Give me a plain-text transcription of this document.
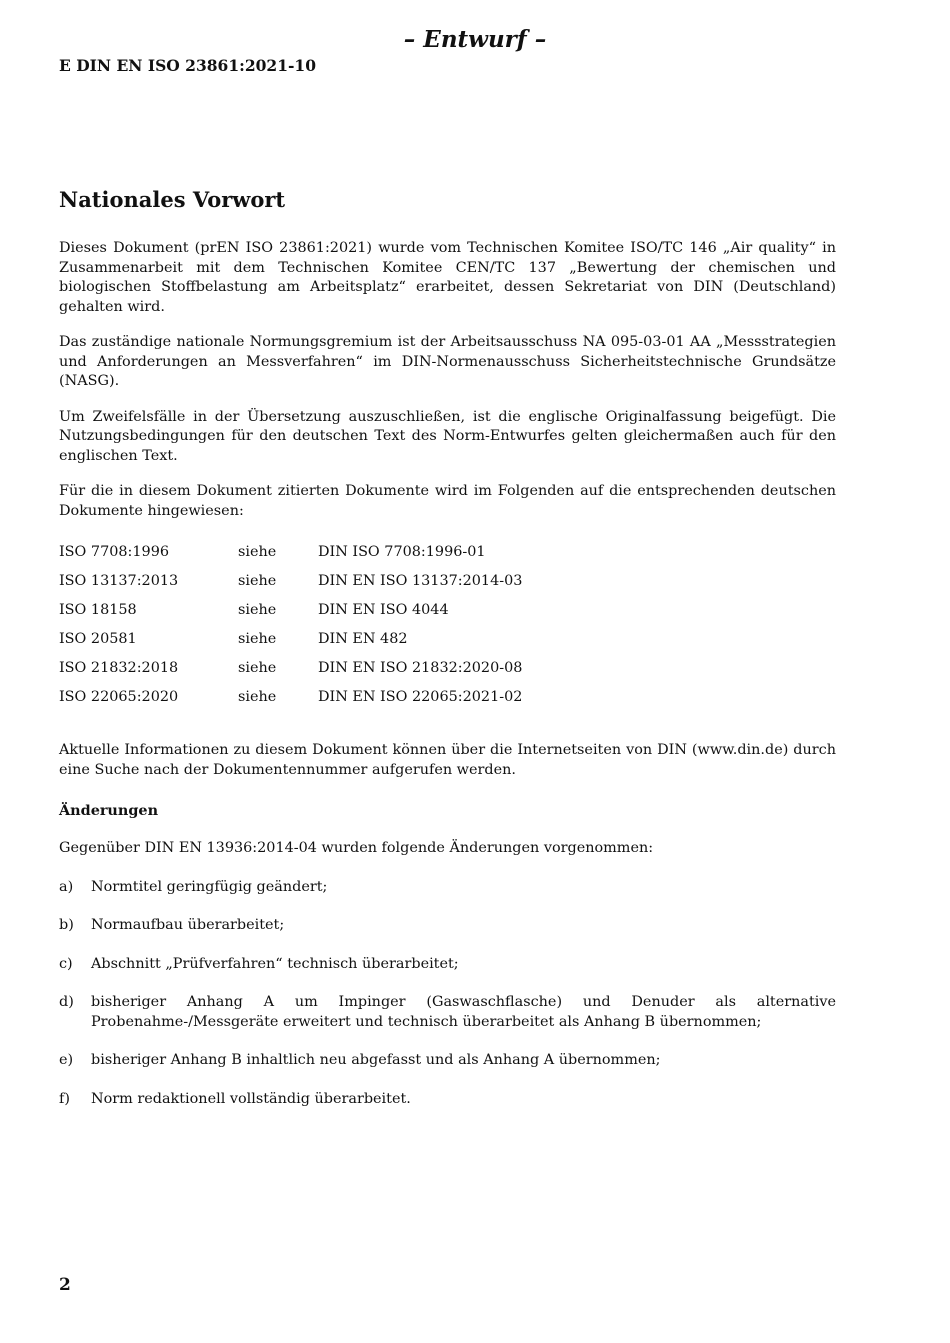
– Entwurf –

E DIN EN ISO 23861:2021-10

Nationales Vorwort

Dieses Dokument (prEN ISO 23861:2021) wurde vom Technischen Komitee ISO/TC 146 „Air quality“ in Zusammenarbeit mit dem Technischen Komitee CEN/TC 137 „Bewertung der chemischen und biologischen Stoffbelastung am Arbeitsplatz“ erarbeitet, dessen Sekretariat von DIN (Deutschland) gehalten wird.

Das zuständige nationale Normungsgremium ist der Arbeitsausschuss NA 095-03-01 AA „Messstrategien und Anforderungen an Messverfahren“ im DIN-Normenausschuss Sicherheitstechnische Grundsätze (NASG).

Um Zweifelsfälle in der Übersetzung auszuschließen, ist die englische Originalfassung beigefügt. Die Nutzungsbedingungen für den deutschen Text des Norm-Entwurfes gelten gleichermaßen auch für den englischen Text.

Für die in diesem Dokument zitierten Dokumente wird im Folgenden auf die entsprechenden deutschen Dokumente hingewiesen:

ISO 7708:1996	siehe	DIN ISO 7708:1996-01
ISO 13137:2013	siehe	DIN EN ISO 13137:2014-03
ISO 18158	siehe	DIN EN ISO 4044
ISO 20581	siehe	DIN EN 482
ISO 21832:2018	siehe	DIN EN ISO 21832:2020-08
ISO 22065:2020	siehe	DIN EN ISO 22065:2021-02

Aktuelle Informationen zu diesem Dokument können über die Internetseiten von DIN (www.din.de) durch eine Suche nach der Dokumentennummer aufgerufen werden.

Änderungen

Gegenüber DIN EN 13936:2014-04 wurden folgende Änderungen vorgenommen:

a)	Normtitel geringfügig geändert;
b)	Normaufbau überarbeitet;
c)	Abschnitt „Prüfverfahren“ technisch überarbeitet;
d)	bisheriger Anhang A um Impinger (Gaswaschflasche) und Denuder als alternative Probenahme-/Messgeräte erweitert und technisch überarbeitet als Anhang B übernommen;
e)	bisheriger Anhang B inhaltlich neu abgefasst und als Anhang A übernommen;
f)	Norm redaktionell vollständig überarbeitet.

2
